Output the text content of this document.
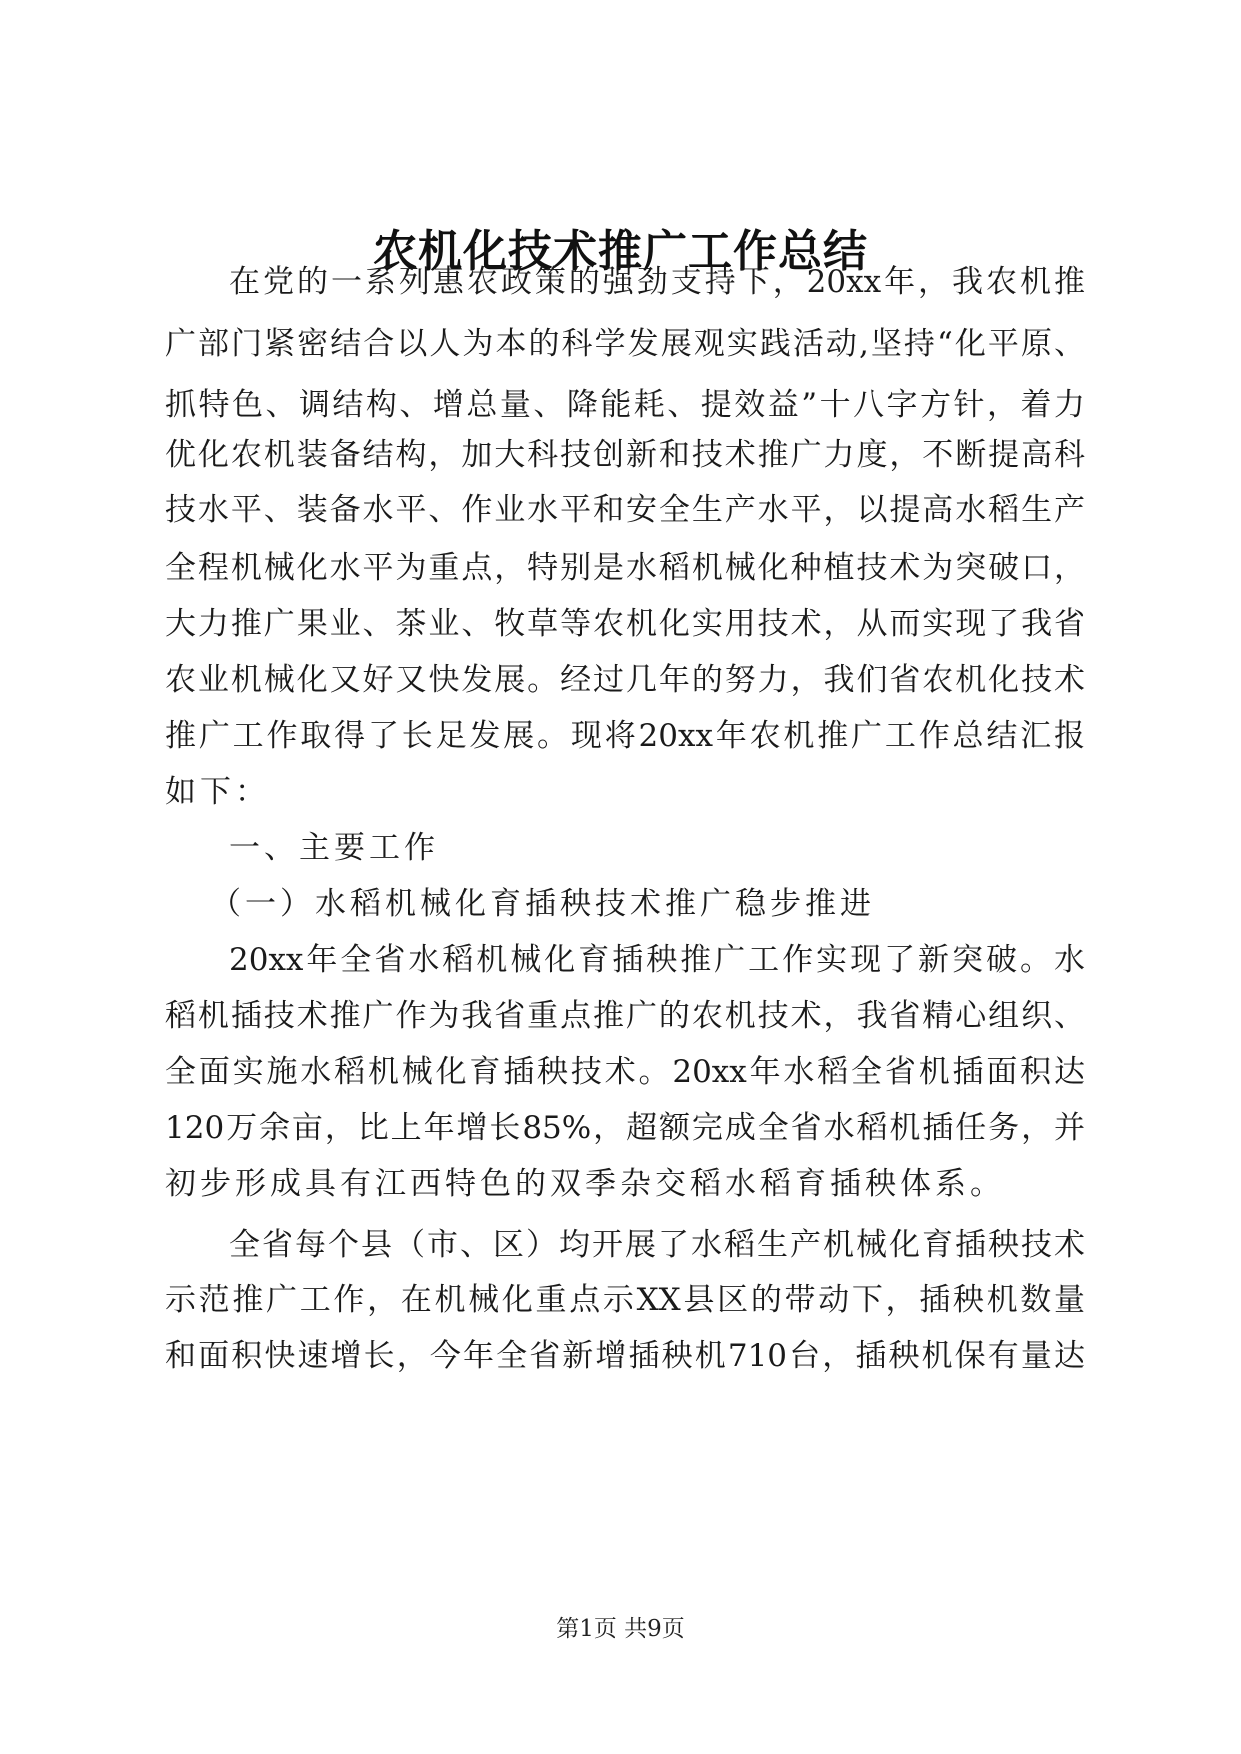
农机化技术推广工作总结

在党的一系列惠农政策的强劲支持下，20xx年，我农机推

广部门紧密结合以人为本的科学发展观实践活动,坚持“化平原、

抓特色、调结构、增总量、降能耗、提效益”十八字方针，着力

优化农机装备结构，加大科技创新和技术推广力度，不断提高科

技水平、装备水平、作业水平和安全生产水平，以提高水稻生产

全程机械化水平为重点，特别是水稻机械化种植技术为突破口，

大力推广果业、茶业、牧草等农机化实用技术，从而实现了我省

农业机械化又好又快发展。经过几年的努力，我们省农机化技术

推广工作取得了长足发展。现将20xx年农机推广工作总结汇报

如下：

一、主要工作

（一）水稻机械化育插秧技术推广稳步推进

20xx年全省水稻机械化育插秧推广工作实现了新突破。水

稻机插技术推广作为我省重点推广的农机技术，我省精心组织、

全面实施水稻机械化育插秧技术。20xx年水稻全省机插面积达

120万余亩，比上年增长85%，超额完成全省水稻机插任务，并

初步形成具有江西特色的双季杂交稻水稻育插秧体系。

全省每个县（市、区）均开展了水稻生产机械化育插秧技术

示范推广工作，在机械化重点示XX县区的带动下，插秧机数量

和面积快速增长，今年全省新增插秧机710台，插秧机保有量达

第1页 共9页
